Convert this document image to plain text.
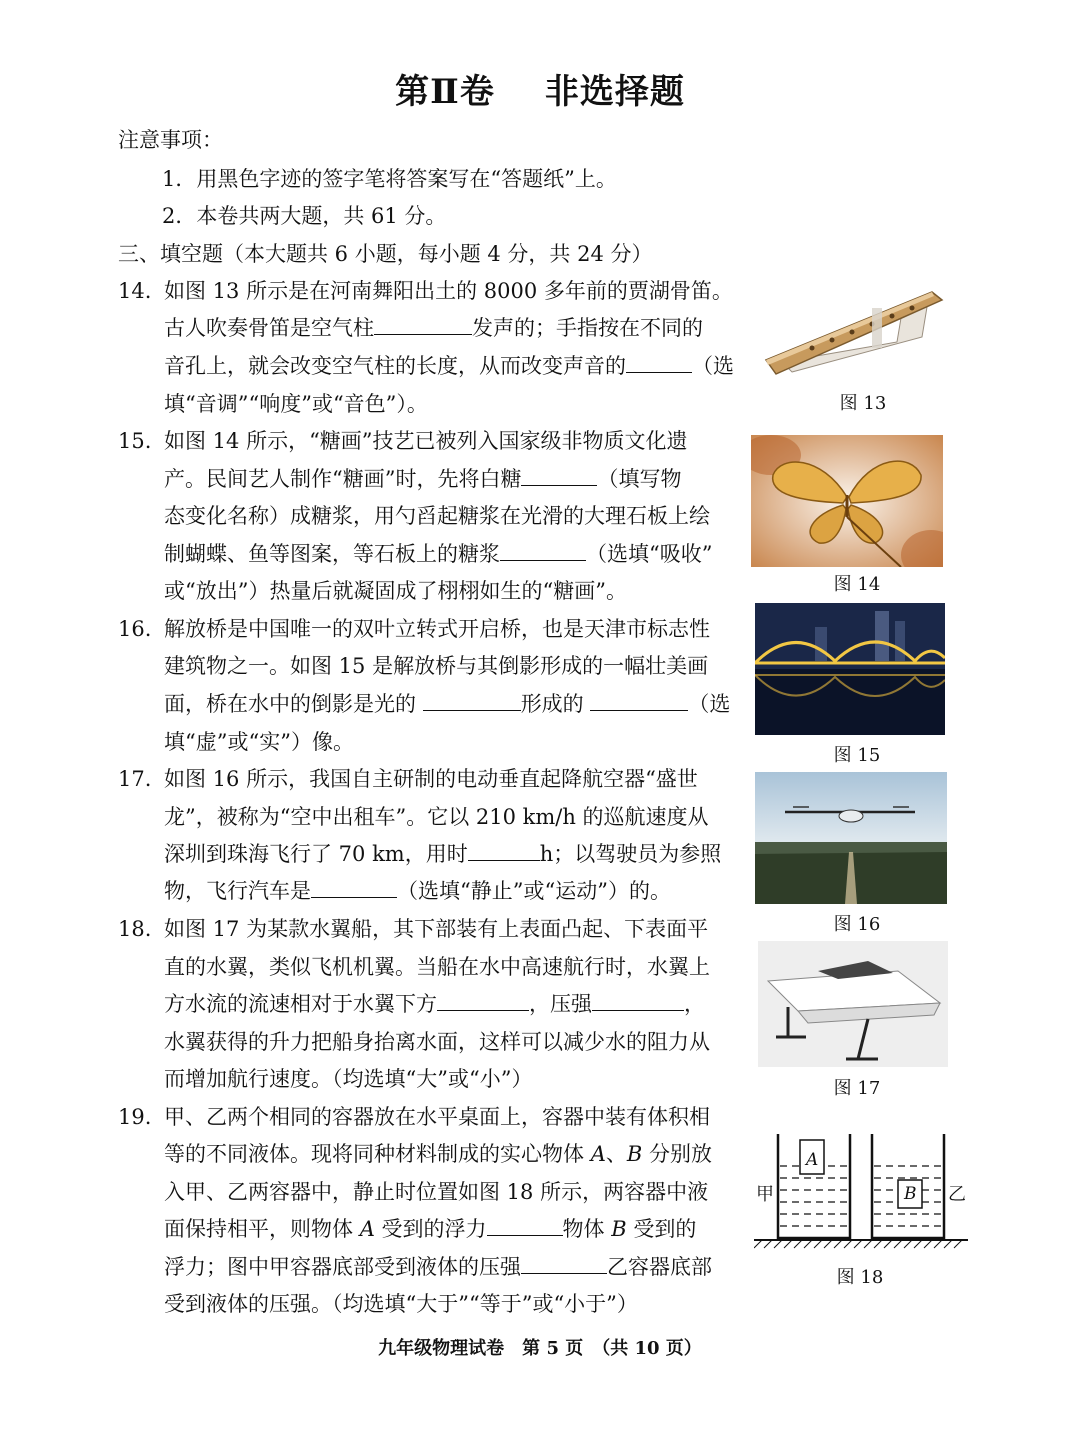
第Ⅱ卷 非选择题
注意事项：
1．用黑色字迹的签字笔将答案写在“答题纸”上。
2．本卷共两大题，共 61 分。
三、填空题（本大题共 6 小题，每小题 4 分，共 24 分）
14. 如图 13 所示是在河南舞阳出土的 8000 多年前的贾湖骨笛。
古人吹奏骨笛是空气柱	发声的；手指按在不同的
音孔上，就会改变空气柱的长度，从而改变声音的	（选
填“音调”“响度”或“音色”）。
15. 如图 14 所示，“糖画”技艺已被列入国家级非物质文化遗
产。民间艺人制作“糖画”时，先将白糖	（填写物
态变化名称）成糖浆，用勺舀起糖浆在光滑的大理石板上绘
制蝴蝶、鱼等图案，等石板上的糖浆	（选填“吸收”
或“放出”）热量后就凝固成了栩栩如生的“糖画”。
16. 解放桥是中国唯一的双叶立转式开启桥，也是天津市标志性
建筑物之一。如图 15 是解放桥与其倒影形成的一幅壮美画
面，桥在水中的倒影是光的	形成的	（选
填“虚”或“实”）像。
17. 如图 16 所示，我国自主研制的电动垂直起降航空器“盛世
龙”，被称为“空中出租车”。它以 210 km/h 的巡航速度从
深圳到珠海飞行了 70 km，用时	h；以驾驶员为参照
物，飞行汽车是	（选填“静止”或“运动”）的。
18. 如图 17 为某款水翼船，其下部装有上表面凸起、下表面平
直的水翼，类似飞机机翼。当船在水中高速航行时，水翼上
方水流的流速相对于水翼下方	，压强	，
水翼获得的升力把船身抬离水面，这样可以减少水的阻力从
而增加航行速度。（均选填“大”或“小”）
19. 甲、乙两个相同的容器放在水平桌面上，容器中装有体积相
等的不同液体。现将同种材料制成的实心物体 A、B 分别放
入甲、乙两容器中，静止时位置如图 18 所示，两容器中液
面保持相平，则物体 A 受到的浮力	物体 B 受到的
浮力；图中甲容器底部受到液体的压强	乙容器底部
受到液体的压强。（均选填“大于”“等于”或“小于”）
图 13
图 14
图 15
图 16
图 17
A
B
甲	乙
图 18
九年级物理试卷　第 5 页　（共 10 页）
